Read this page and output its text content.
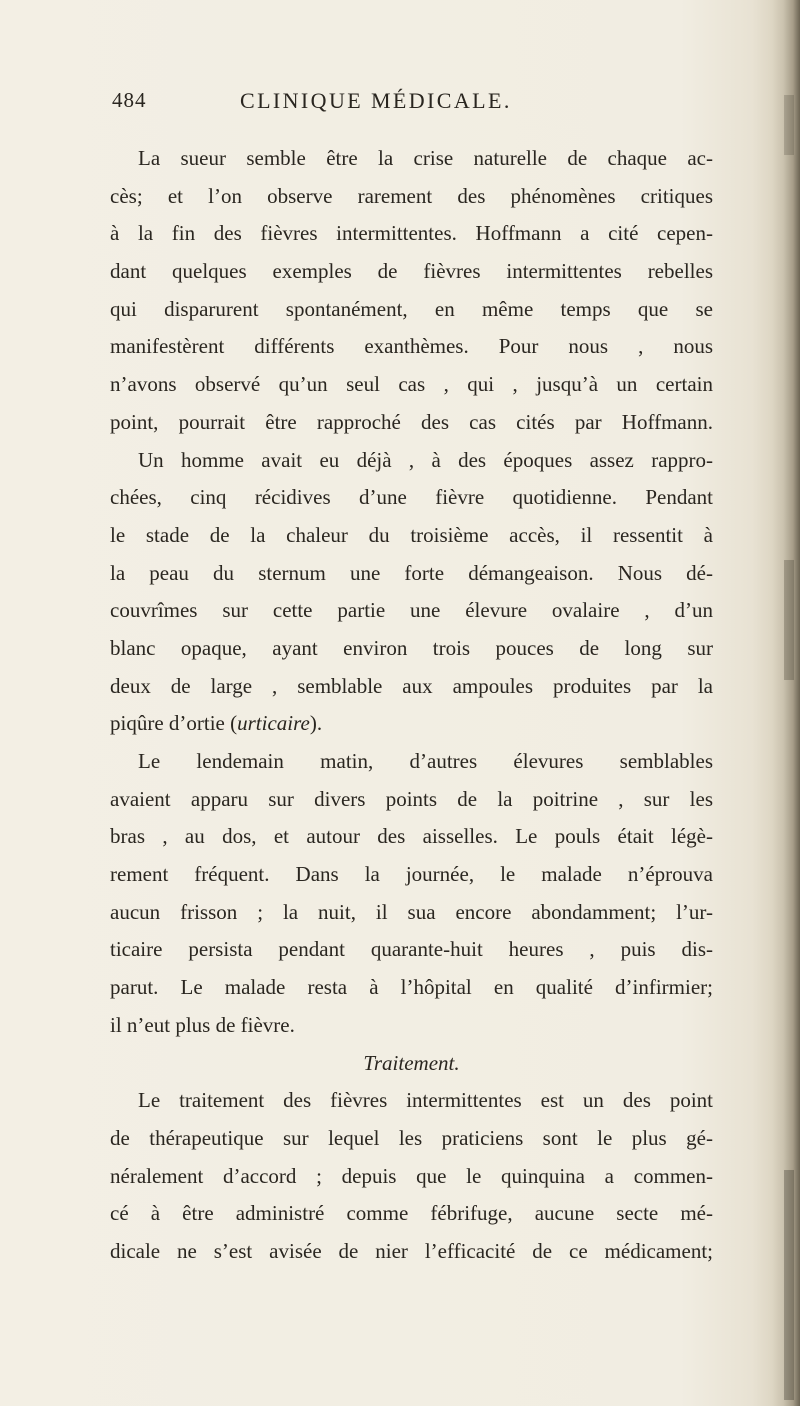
484	CLINIQUE MÉDICALE.
La sueur semble être la crise naturelle de chaque ac-
cès; et l’on observe rarement des phénomènes critiques
à la fin des fièvres intermittentes. Hoffmann a cité cepen-
dant quelques exemples de fièvres intermittentes rebelles
qui disparurent spontanément, en même temps que se
manifestèrent différents exanthèmes. Pour nous , nous
n’avons observé qu’un seul cas , qui , jusqu’à un certain
point, pourrait être rapproché des cas cités par Hoffmann.
Un homme avait eu déjà , à des époques assez rappro-
chées, cinq récidives d’une fièvre quotidienne. Pendant
le stade de la chaleur du troisième accès, il ressentit à
la peau du sternum une forte démangeaison. Nous dé-
couvrîmes sur cette partie une élevure ovalaire , d’un
blanc opaque, ayant environ trois pouces de long sur
deux de large , semblable aux ampoules produites par la
piqûre d’ortie (urticaire).
Le lendemain matin, d’autres élevures semblables
avaient apparu sur divers points de la poitrine , sur les
bras , au dos, et autour des aisselles. Le pouls était légè-
rement fréquent. Dans la journée, le malade n’éprouva
aucun frisson ; la nuit, il sua encore abondamment; l’ur-
ticaire persista pendant quarante-huit heures , puis dis-
parut. Le malade resta à l’hôpital en qualité d’infirmier;
il n’eut plus de fièvre.
Traitement.
Le traitement des fièvres intermittentes est un des point
de thérapeutique sur lequel les praticiens sont le plus gé-
néralement d’accord ; depuis que le quinquina a commen-
cé à être administré comme fébrifuge, aucune secte mé-
dicale ne s’est avisée de nier l’efficacité de ce médicament;
